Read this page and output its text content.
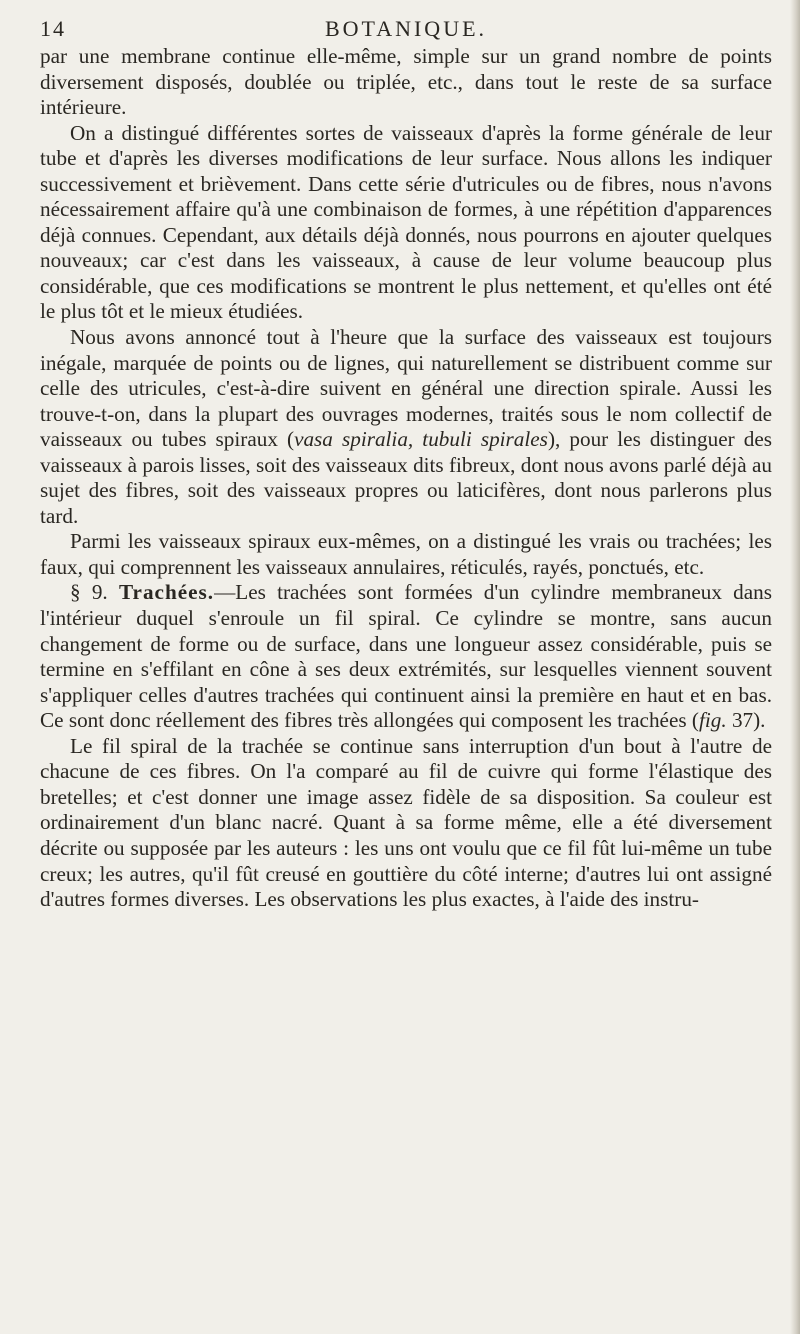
14	BOTANIQUE.

par une membrane continue elle-même, simple sur un grand nombre de points diversement disposés, doublée ou triplée, etc., dans tout le reste de sa surface intérieure.

On a distingué différentes sortes de vaisseaux d'après la forme générale de leur tube et d'après les diverses modifications de leur surface. Nous allons les indiquer successivement et brièvement. Dans cette série d'utricules ou de fibres, nous n'avons nécessairement affaire qu'à une combinaison de formes, à une répétition d'apparences déjà connues. Cependant, aux détails déjà donnés, nous pourrons en ajouter quelques nouveaux; car c'est dans les vaisseaux, à cause de leur volume beaucoup plus considérable, que ces modifications se montrent le plus nettement, et qu'elles ont été le plus tôt et le mieux étudiées.

Nous avons annoncé tout à l'heure que la surface des vaisseaux est toujours inégale, marquée de points ou de lignes, qui naturellement se distribuent comme sur celle des utricules, c'est-à-dire suivent en général une direction spirale. Aussi les trouve-t-on, dans la plupart des ouvrages modernes, traités sous le nom collectif de vaisseaux ou tubes spiraux (vasa spiralia, tubuli spirales), pour les distinguer des vaisseaux à parois lisses, soit des vaisseaux dits fibreux, dont nous avons parlé déjà au sujet des fibres, soit des vaisseaux propres ou laticifères, dont nous parlerons plus tard.

Parmi les vaisseaux spiraux eux-mêmes, on a distingué les vrais ou trachées; les faux, qui comprennent les vaisseaux annulaires, réticulés, rayés, ponctués, etc.

§ 9. Trachées.—Les trachées sont formées d'un cylindre membraneux dans l'intérieur duquel s'enroule un fil spiral. Ce cylindre se montre, sans aucun changement de forme ou de surface, dans une longueur assez considérable, puis se termine en s'effilant en cône à ses deux extrémités, sur lesquelles viennent souvent s'appliquer celles d'autres trachées qui continuent ainsi la première en haut et en bas. Ce sont donc réellement des fibres très allongées qui composent les trachées (fig. 37).

Le fil spiral de la trachée se continue sans interruption d'un bout à l'autre de chacune de ces fibres. On l'a comparé au fil de cuivre qui forme l'élastique des bretelles; et c'est donner une image assez fidèle de sa disposition. Sa couleur est ordinairement d'un blanc nacré. Quant à sa forme même, elle a été diversement décrite ou supposée par les auteurs : les uns ont voulu que ce fil fût lui-même un tube creux; les autres, qu'il fût creusé en gouttière du côté interne; d'autres lui ont assigné d'autres formes diverses. Les observations les plus exactes, à l'aide des instru-
